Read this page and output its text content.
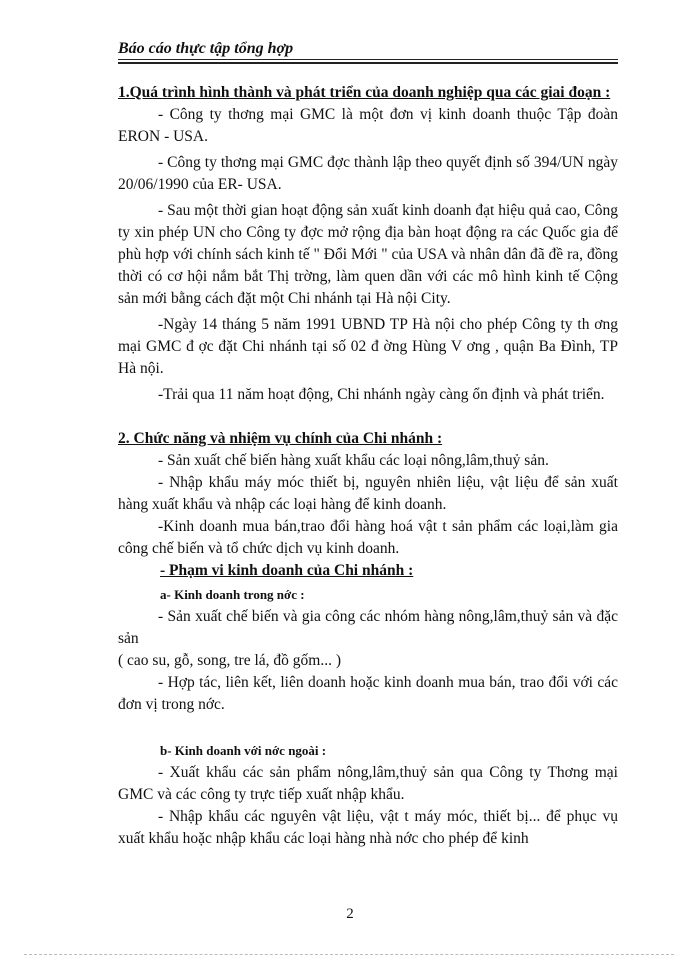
Báo cáo thực tập tổng hợp

1.Quá trình hình thành và phát triển của doanh nghiệp qua các giai đoạn :

- Công ty thơng mại GMC là một đơn vị kinh doanh thuộc Tập đoàn ERON - USA.

- Công ty thơng mại GMC đợc thành lập theo quyết định số 394/UN ngày 20/06/1990 của ER- USA.

- Sau một thời gian hoạt động sản xuất kinh doanh đạt hiệu quả cao, Công ty xin phép UN cho Công ty đợc mở rộng địa bàn hoạt động ra các Quốc gia để phù hợp với chính sách kinh tế " Đổi Mới " của USA và nhân dân đã đề ra, đồng thời có cơ hội nắm bắt Thị trờng, làm quen dần với các mô hình kinh tế Cộng sản mới bằng cách đặt một Chi nhánh tại Hà nội City.

-Ngày 14 tháng 5 năm 1991 UBND TP Hà nội cho phép Công ty th ơng mại GMC đ ợc đặt Chi nhánh tại số 02 đ ờng Hùng V ơng , quận Ba Đình, TP Hà nội.

-Trải qua 11 năm hoạt động, Chi nhánh ngày càng ổn định và phát triển.

2. Chức năng và nhiệm vụ chính của Chi nhánh :

- Sản xuất chế biến hàng xuất khẩu các loại nông,lâm,thuỷ sản.

- Nhập khẩu máy móc thiết bị, nguyên nhiên liệu, vật liệu để sản xuất hàng xuất khẩu và nhập các loại hàng để kinh doanh.

-Kinh doanh mua bán,trao đổi hàng hoá vật t sản phẩm các loại,làm gia công chế biến và tổ chức dịch vụ kinh doanh.

- Phạm vi kinh doanh của Chi nhánh :

a- Kinh doanh trong nớc :

- Sản xuất chế biến và gia công các nhóm hàng nông,lâm,thuỷ sản và đặc sản

( cao su, gỗ, song, tre lá, đồ gốm... )

- Hợp tác, liên kết, liên doanh hoặc kinh doanh mua bán, trao đổi với các đơn vị trong nớc.

b- Kinh doanh với nớc ngoài :

- Xuất khẩu các sản phẩm nông,lâm,thuỷ sản qua Công ty Thơng mại GMC và các công ty trực tiếp xuất nhập khẩu.

- Nhập khẩu các nguyên vật liệu, vật t máy móc, thiết bị... để phục vụ xuất khẩu hoặc nhập khẩu các loại hàng nhà nớc cho phép để kinh

2
